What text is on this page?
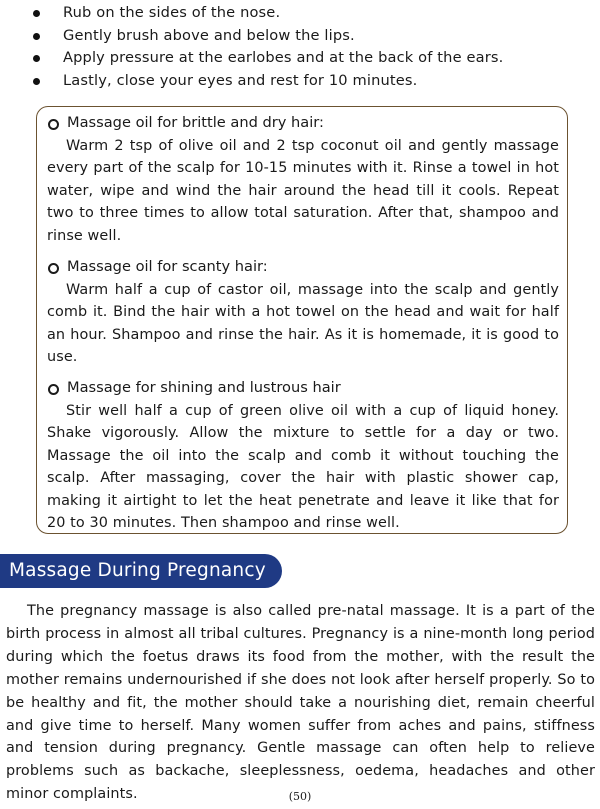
Rub on the sides of the nose.
Gently brush above and below the lips.
Apply pressure at the earlobes and at the back of the ears.
Lastly, close your eyes and rest for 10 minutes.
Massage oil for brittle and dry hair:

Warm 2 tsp of olive oil and 2 tsp coconut oil and gently massage every part of the scalp for 10-15 minutes with it. Rinse a towel in hot water, wipe and wind the hair around the head till it cools. Repeat two to three times to allow total saturation. After that, shampoo and rinse well.

Massage oil for scanty hair:

Warm half a cup of castor oil, massage into the scalp and gently comb it. Bind the hair with a hot towel on the head and wait for half an hour. Shampoo and rinse the hair. As it is homemade, it is good to use.

Massage for shining and lustrous hair

Stir well half a cup of green olive oil with a cup of liquid honey. Shake vigorously. Allow the mixture to settle for a day or two. Massage the oil into the scalp and comb it without touching the scalp. After massaging, cover the hair with plastic shower cap, making it airtight to let the heat penetrate and leave it like that for 20 to 30 minutes. Then shampoo and rinse well.

Massage During Pregnancy

The pregnancy massage is also called pre-natal massage. It is a part of the birth process in almost all tribal cultures. Pregnancy is a nine-month long period during which the foetus draws its food from the mother, with the result the mother remains undernourished if she does not look after herself properly. So to be healthy and fit, the mother should take a nourishing diet, remain cheerful and give time to herself. Many women suffer from aches and pains, stiffness and tension during pregnancy. Gentle massage can often help to relieve problems such as backache, sleeplessness, oedema, headaches and other minor complaints.	(50)
